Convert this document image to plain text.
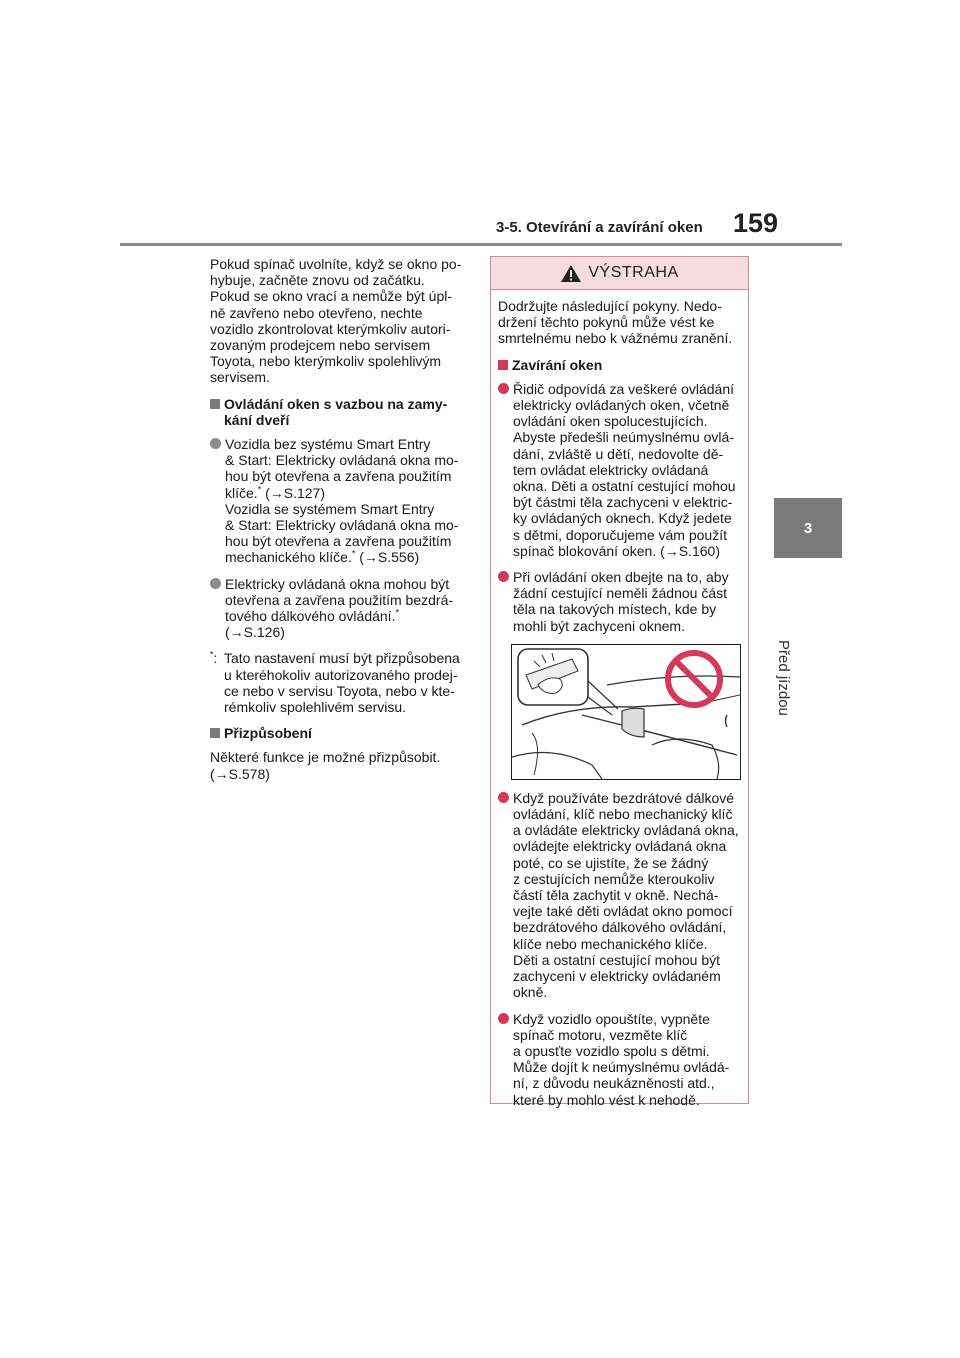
3-5. Otevírání a zavírání oken 159
3
Před jízdou

Pokud spínač uvolníte, když se okno po-
hybuje, začněte znovu od začátku.
Pokud se okno vrací a nemůže být úpl-
ně zavřeno nebo otevřeno, nechte
vozidlo zkontrolovat kterýmkoliv autori-
zovaným prodejcem nebo servisem
Toyota, nebo kterýmkoliv spolehlivým
servisem.

Ovládání oken s vazbou na zamy-
kání dveří
Vozidla bez systému Smart Entry
& Start: Elektricky ovládaná okna mo-
hou být otevřena a zavřena použitím
klíče.* (→S.127)
Vozidla se systémem Smart Entry
& Start: Elektricky ovládaná okna mo-
hou být otevřena a zavřena použitím
mechanického klíče.* (→S.556)
Elektricky ovládaná okna mohou být
otevřena a zavřena použitím bezdrá-
tového dálkového ovládání.*
(→S.126)
*: Tato nastavení musí být přizpůsobena
u kteréhokoliv autorizovaného prodej-
ce nebo v servisu Toyota, nebo v kte-
rémkoliv spolehlivém servisu.
Přizpůsobení

Některé funkce je možné přizpůsobit.
(→S.578)

VÝSTRAHA

Dodržujte následující pokyny. Nedo-
držení těchto pokynů může vést ke
smrtelnému nebo k vážnému zranění.

Zavírání oken
Řidič odpovídá za veškeré ovládání
elektricky ovládaných oken, včetně
ovládání oken spolucestujících.
Abyste předešli neúmyslnému ovlá-
dání, zvláště u dětí, nedovolte dě-
tem ovládat elektricky ovládaná
okna. Děti a ostatní cestující mohou
být částmi těla zachyceni v elektric-
ky ovládaných oknech. Když jedete
s dětmi, doporučujeme vám použít
spínač blokování oken. (→S.160)
Při ovládání oken dbejte na to, aby
žádní cestující neměli žádnou část
těla na takových místech, kde by
mohli být zachyceni oknem.
Když používáte bezdrátové dálkové
ovládání, klíč nebo mechanický klíč
a ovládáte elektricky ovládaná okna,
ovládejte elektricky ovládaná okna
poté, co se ujistíte, že se žádný
z cestujících nemůže kteroukoliv
částí těla zachytit v okně. Nechá-
vejte také děti ovládat okno pomocí
bezdrátového dálkového ovládání,
klíče nebo mechanického klíče.
Děti a ostatní cestující mohou být
zachyceni v elektricky ovládaném
okně.
Když vozidlo opouštíte, vypněte
spínač motoru, vezměte klíč
a opusťte vozidlo spolu s dětmi.
Může dojít k neúmyslnému ovládá-
ní, z důvodu neukázněnosti atd.,
které by mohlo vést k nehodě.
